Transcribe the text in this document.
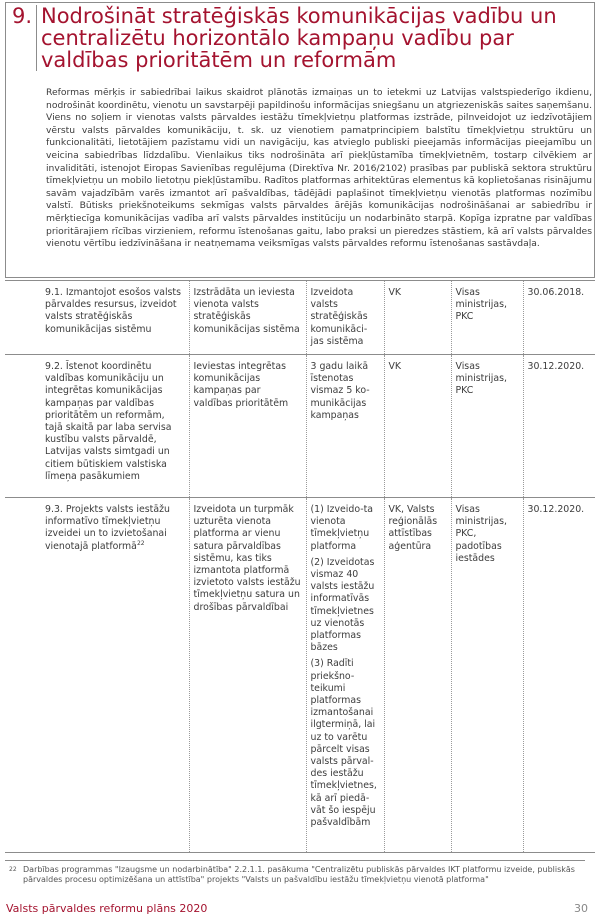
9. Nodrošināt stratēģiskās komunikācijas vadību un centralizētu horizontālo kampaņu vadību par valdības prioritātēm un reformām
Reformas mērķis ir sabiedrībai laikus skaidrot plānotās izmaiņas un to ietekmi uz Latvijas valstspiederīgo ikdienu, nodrošināt koordinētu, vienotu un savstarpēji papildinošu informācijas sniegšanu un atgriezeniskās saites saņemšanu. Viens no soļiem ir vienotas valsts pārvaldes iestāžu tīmekļvietņu platformas izstrāde, pilnveidojot uz iedzīvotājiem vērstu valsts pārvaldes komunikāciju, t. sk. uz vienotiem pamatprincipiem balstītu tīmekļvietņu struktūru un funkcionalitāti, lietotājiem pazīstamu vidi un navigāciju, kas atvieglo publiski pieejamās informācijas pieejamību un veicina sabiedrības līdzdalību. Vienlaikus tiks nodrošināta arī piekļūstamība tīmekļvietnēm, tostarp cilvēkiem ar invaliditāti, istenojot Eiropas Savienības regulējuma (Direktīva Nr. 2016/2102) prasības par publiskā sektora struktūru tīmekļvietņu un mobilo lietotņu piekļūstamību. Radītos platformas arhitektūras elementus kā koplietošanas risinājumu savām vajadzībām varēs izmantot arī pašvaldības, tādējādi paplašinot tīmekļvietņu vienotās platformas nozīmību valstī. Būtisks priekšnoteikums sekmīgas valsts pārvaldes ārējās komunikācijas nodrošināšanai ar sabiedrību ir mērķtiecīga komunikācijas vadība arī valsts pārvaldes institūciju un nodarbināto starpā. Kopīga izpratne par valdības prioritārajiem rīcības virzieniem, reformu īstenošanas gaitu, labo praksi un pieredzes stāstiem, kā arī valsts pārvaldes vienotu vērtību iedzīvināšana ir neatņemama veiksmīgas valsts pārvaldes reformu īstenošanas sastāvdaļa.
9.1. Izmantojot esošos valsts pārvaldes resursus, izveidot valsts stratēģiskās komunikācijas sistēmu	Izstrādāta un ieviesta vienota valsts stratēģiskās komunikācijas sistēma	Izveidota valsts stratēģiskās komunikāci-jas sistēma	VK	Visas ministrijas, PKC	30.06.2018.
9.2. Īstenot koordinētu valdības komunikāciju un integrētas komunikācijas kampaņas par valdības prioritātēm un reformām, tajā skaitā par laba servisa kustību valsts pārvaldē, Latvijas valsts simtgadi un citiem būtiskiem valstiska līmeņa pasākumiem	Ieviestas integrētas komunikācijas kampaņas par valdības prioritātēm	3 gadu laikā īstenotas vismaz 5 ko-munikācijas kampaņas	VK	Visas ministrijas, PKC	30.12.2020.
9.3. Projekts valsts iestāžu informatīvo tīmekļvietņu izveidei un to izvietošanai vienotajā platformā$^{22}$	Izveidota un turpmāk uzturēta vienota platforma ar vienu satura pārvaldības sistēmu, kas tiks izmantota platformā izvietoto valsts iestāžu tīmekļvietņu satura un drošības pārvaldībai	(1) Izveido-ta vienota tīmekļvietņu platforma
(2) Izveidotas vismaz 40 valsts iestāžu informatīvās tīmekļvietnes uz vienotās platformas bāzes
(3) Radīti priekšno-teikumi platformas izmantošanai ilgtermiņā, lai uz to varētu pārcelt visas valsts pārval-des iestāžu tīmekļvietnes, kā arī piedā-vāt šo iespēju pašvaldībām	VK, Valsts reģionālās attīstības aģentūra	Visas ministrijas, PKC, padotības iestādes	30.12.2020.
22 Darbības programmas "Izaugsme un nodarbinātība" 2.2.1.1. pasākuma "Centralizētu publiskās pārvaldes IKT platformu izveide, publiskās pārvaldes procesu optimizēšana un attīstība" projekts "Valsts un pašvaldību iestāžu tīmekļvietņu vienotā platforma"
Valsts pārvaldes reformu plāns 2020	30
